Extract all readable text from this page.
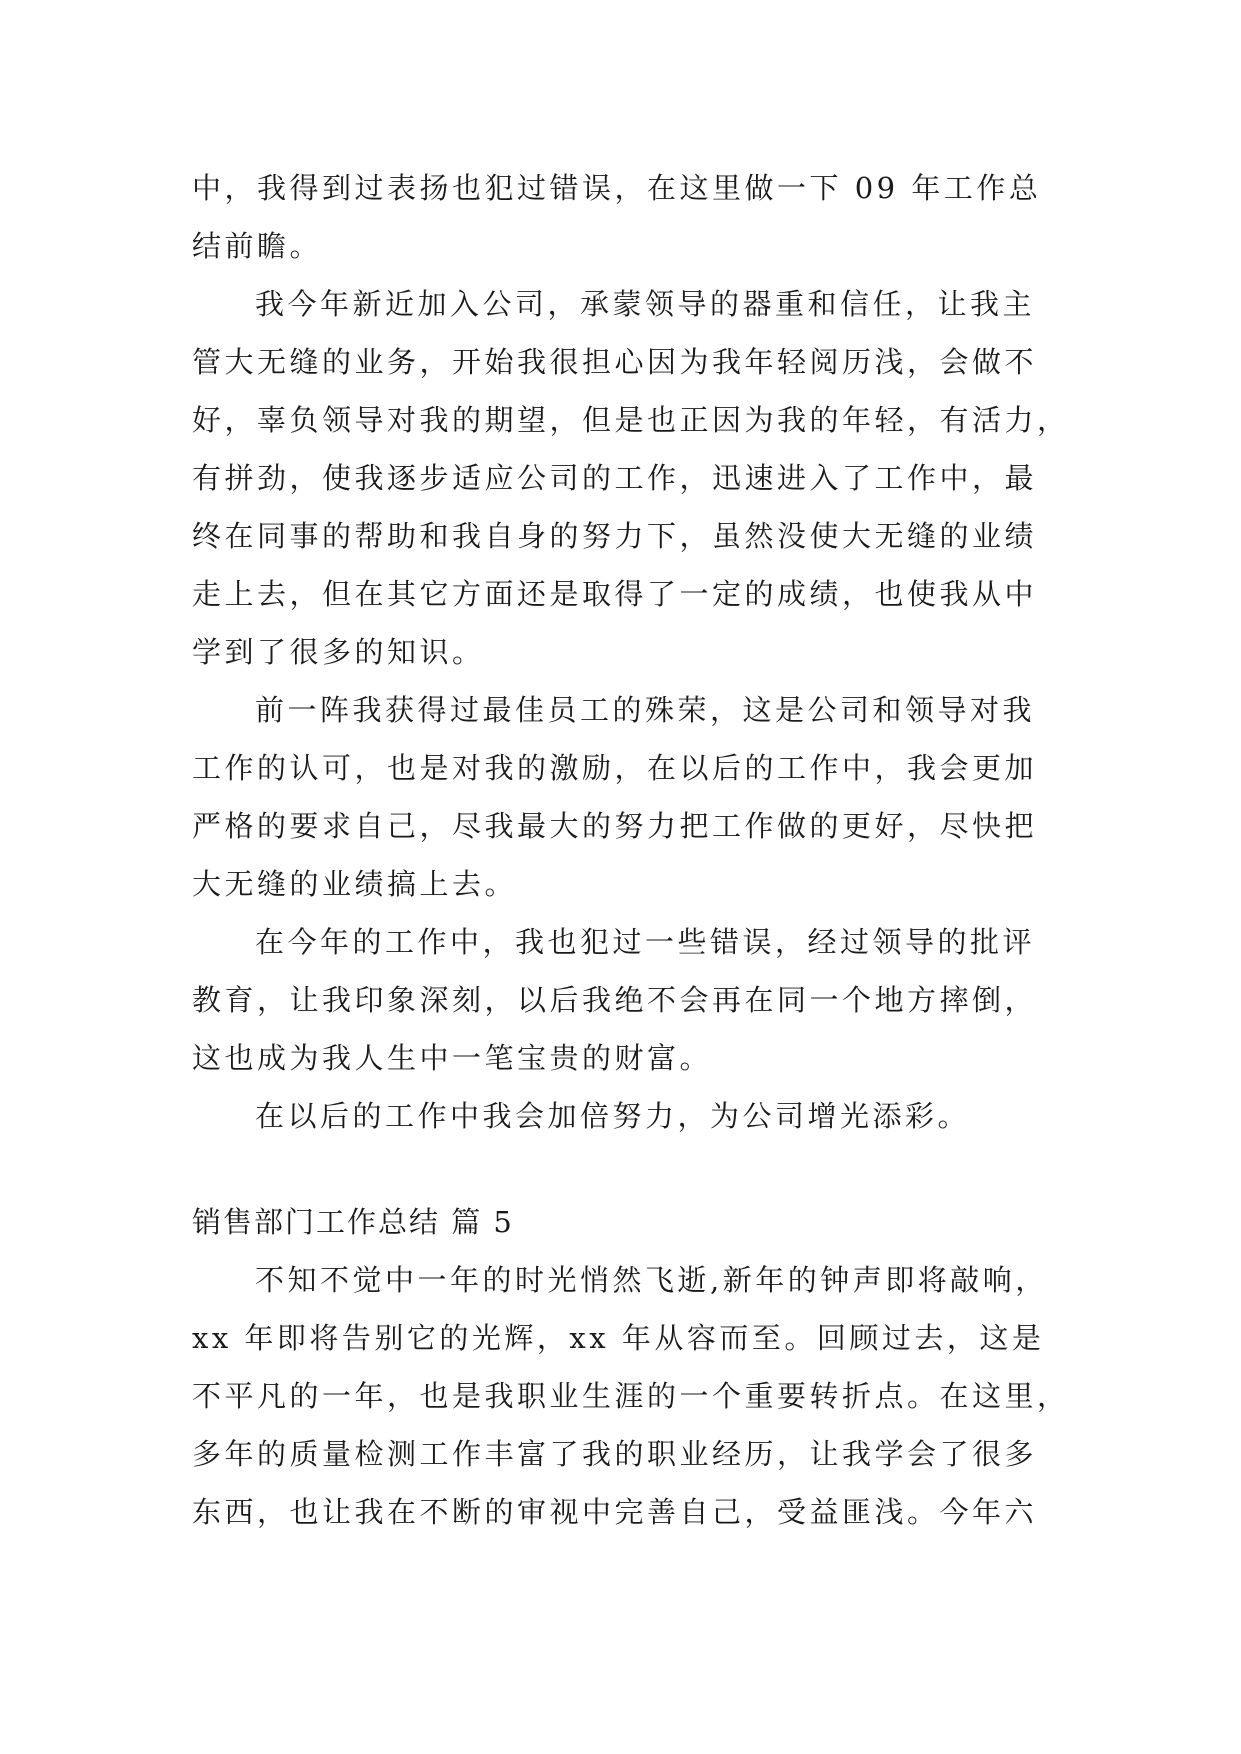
中，我得到过表扬也犯过错误，在这里做一下 09 年工作总
结前瞻。
我今年新近加入公司，承蒙领导的器重和信任，让我主
管大无缝的业务，开始我很担心因为我年轻阅历浅，会做不
好，辜负领导对我的期望，但是也正因为我的年轻，有活力，
有拼劲，使我逐步适应公司的工作，迅速进入了工作中，最
终在同事的帮助和我自身的努力下，虽然没使大无缝的业绩
走上去，但在其它方面还是取得了一定的成绩，也使我从中
学到了很多的知识。
前一阵我获得过最佳员工的殊荣，这是公司和领导对我
工作的认可，也是对我的激励，在以后的工作中，我会更加
严格的要求自己，尽我最大的努力把工作做的更好，尽快把
大无缝的业绩搞上去。
在今年的工作中，我也犯过一些错误，经过领导的批评
教育，让我印象深刻，以后我绝不会再在同一个地方摔倒，
这也成为我人生中一笔宝贵的财富。
在以后的工作中我会加倍努力，为公司增光添彩。
销售部门工作总结 篇 5
不知不觉中一年的时光悄然飞逝,新年的钟声即将敲响，
xx 年即将告别它的光辉，xx 年从容而至。回顾过去，这是
不平凡的一年，也是我职业生涯的一个重要转折点。在这里，
多年的质量检测工作丰富了我的职业经历，让我学会了很多
东西，也让我在不断的审视中完善自己，受益匪浅。今年六
